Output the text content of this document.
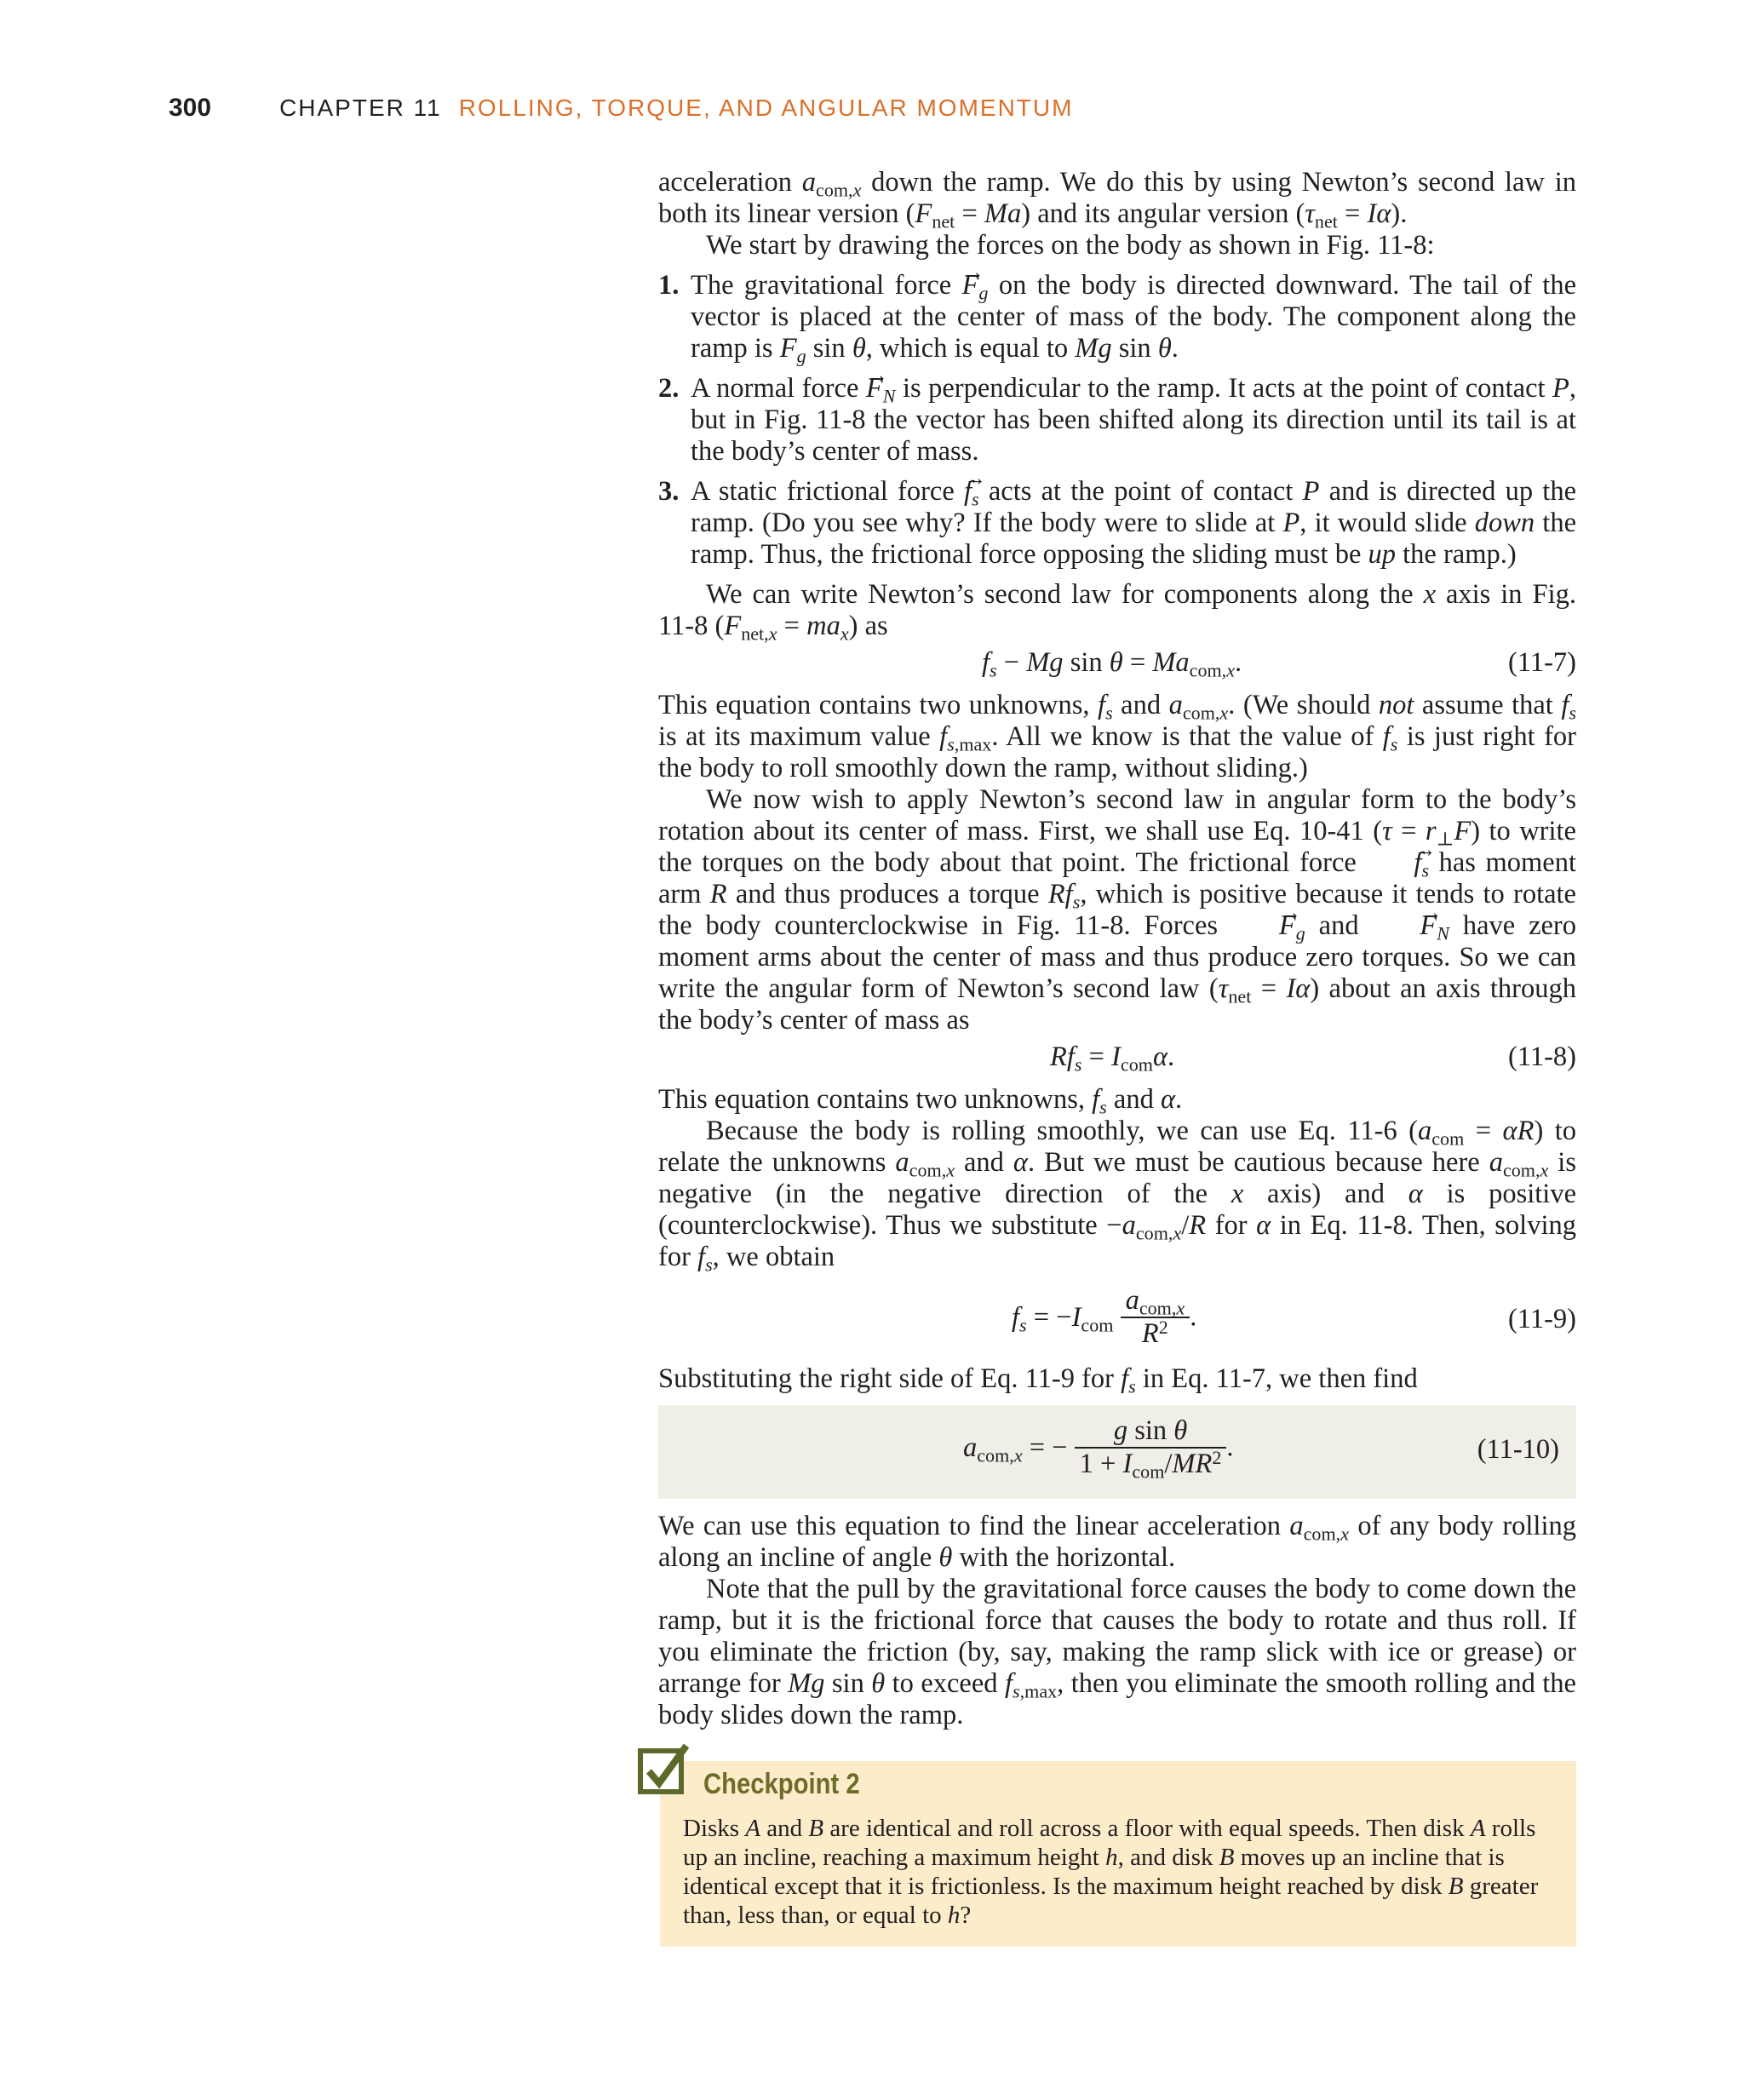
300	CHAPTER 11 ROLLING, TORQUE, AND ANGULAR MOMENTUM

acceleration $a_{com,x}$ down the ramp. We do this by using Newton’s second law in both its linear version $(F_{net} = Ma)$ and its angular version $(\tau_{net} = I\alpha)$.

We start by drawing the forces on the body as shown in Fig. 11-8:

1. The gravitational force → $F_g$ on the body is directed downward. The tail of the vector is placed at the center of mass of the body. The component along the ramp is $F_g$ sin θ, which is equal to Mg sin θ.
2. A normal force → $F_N$ is perpendicular to the ramp. It acts at the point of contact P, but in Fig. 11-8 the vector has been shifted along its direction until its tail is at the body’s center of mass.
3. A static frictional force → $f_s$ acts at the point of contact P and is directed up the ramp. (Do you see why? If the body were to slide at P, it would slide down the ramp. Thus, the frictional force opposing the sliding must be up the ramp.)

We can write Newton’s second law for components along the x axis in Fig. 11-8 $(F_{net,x} = ma_x)$ as

$f_s - Mg$ $\sin \theta = Ma_{com,x}$.	(11-7)

This equation contains two unknowns, $f_s$ and $a_{com,x}$. (We should not assume that $f_s$ is at its maximum value $f_{s,max}$. All we know is that the value of $f_s$ is just right for the body to roll smoothly down the ramp, without sliding.)

We now wish to apply Newton’s second law in angular form to the body’s rotation about its center of mass. First, we shall use Eq. 10-41 $(\tau = r_\perp F)$ to write the torques on the body about that point. The frictional force → $f_s$ has moment arm R and thus produces a torque $Rf_s$, which is positive because it tends to rotate the body counterclockwise in Fig. 11-8. Forces → $F_g$ and → $F_N$ have zero moment arms about the center of mass and thus produce zero torques. So we can write the angular form of Newton’s second law $(\tau_{net} = I\alpha)$ about an axis through the body’s center of mass as

$Rf_s = I_{com}\alpha$.	(11-8)

This equation contains two unknowns, $f_s$ and α.

Because the body is rolling smoothly, we can use Eq. 11-6 $(a_{com} = \alpha R)$ to relate the unknowns $a_{com,x}$ and α. But we must be cautious because here $a_{com,x}$ is negative (in the negative direction of the x axis) and α is positive (counterclockwise). Thus we substitute $-a_{com,x}/R$ for α in Eq. 11-8. Then, solving for $f_s$, we obtain

$f_s = -I_{com} \frac{a_{com,x}}{R^2}$ .	(11-9)

Substituting the right side of Eq. 11-9 for $f_s$ in Eq. 11-7, we then find

$a_{com,x}$ = − $\frac{\text{g sin θ}}{1 + I_{com}/MR^2}$ .	(11-10)

We can use this equation to find the linear acceleration $a_{com,x}$ of any body rolling along an incline of angle θ with the horizontal.

Note that the pull by the gravitational force causes the body to come down the ramp, but it is the frictional force that causes the body to rotate and thus roll. If you eliminate the friction (by, say, making the ramp slick with ice or grease) or arrange for Mg sin θ to exceed $f_{s,max}$, then you eliminate the smooth rolling and the body slides down the ramp.

Checkpoint 2
Disks A and B are identical and roll across a floor with equal speeds. Then disk A rolls up an incline, reaching a maximum height h, and disk B moves up an incline that is identical except that it is frictionless. Is the maximum height reached by disk B greater than, less than, or equal to h?
